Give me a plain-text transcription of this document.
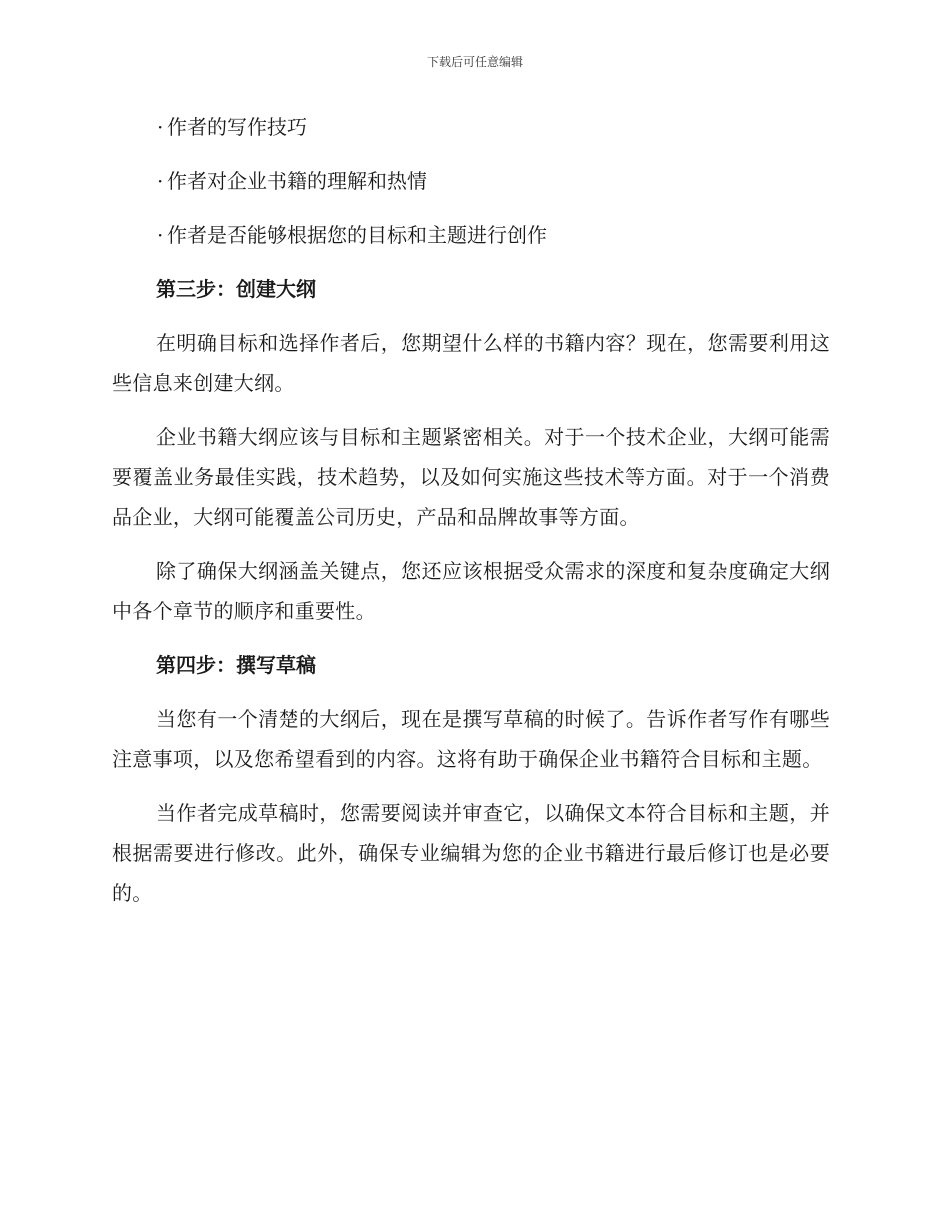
下载后可任意编辑
· 作者的写作技巧
· 作者对企业书籍的理解和热情
· 作者是否能够根据您的目标和主题进行创作
第三步：创建大纲

在明确目标和选择作者后，您期望什么样的书籍内容？现在，您需要利用这些信息来创建大纲。

企业书籍大纲应该与目标和主题紧密相关。对于一个技术企业，大纲可能需要覆盖业务最佳实践，技术趋势，以及如何实施这些技术等方面。对于一个消费品企业，大纲可能覆盖公司历史，产品和品牌故事等方面。

除了确保大纲涵盖关键点，您还应该根据受众需求的深度和复杂度确定大纲中各个章节的顺序和重要性。

第四步：撰写草稿

当您有一个清楚的大纲后，现在是撰写草稿的时候了。告诉作者写作有哪些注意事项，以及您希望看到的内容。这将有助于确保企业书籍符合目标和主题。

当作者完成草稿时，您需要阅读并审查它，以确保文本符合目标和主题，并根据需要进行修改。此外，确保专业编辑为您的企业书籍进行最后修订也是必要的。
